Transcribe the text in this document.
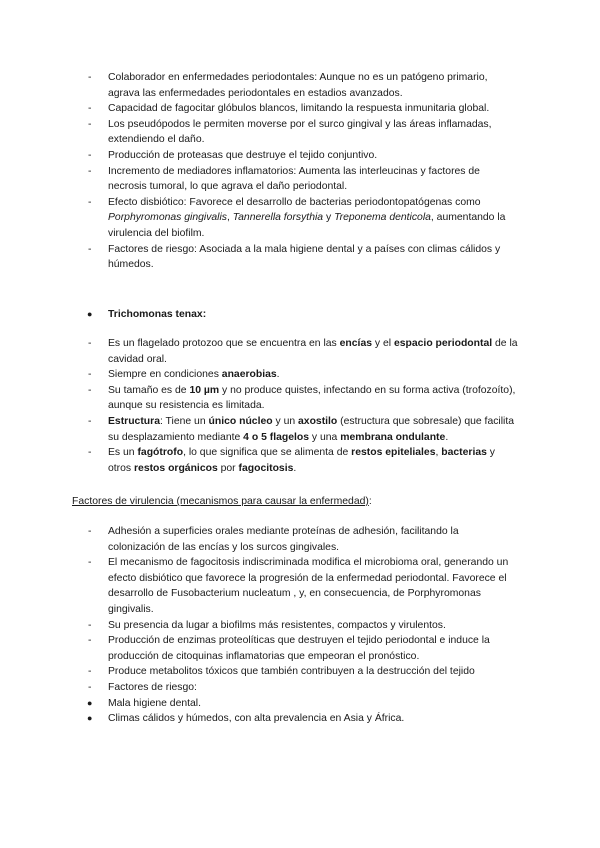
-	Colaborador en enfermedades periodontales: Aunque no es un patógeno primario, agrava las enfermedades periodontales en estadios avanzados.
-	Capacidad de fagocitar glóbulos blancos, limitando la respuesta inmunitaria global.
-	Los pseudópodos le permiten moverse por el surco gingival y las áreas inflamadas, extendiendo el daño.
-	Producción de proteasas que destruye el tejido conjuntivo.
-	Incremento de mediadores inflamatorios: Aumenta las interleucinas y factores de necrosis tumoral, lo que agrava el daño periodontal.
-	Efecto disbiótico: Favorece el desarrollo de bacterias periodontopatógenas como Porphyromonas gingivalis, Tannerella forsythia y Treponema denticola, aumentando la virulencia del biofilm.
-	Factores de riesgo: Asociada a la mala higiene dental y a países con climas cálidos y húmedos.
● Trichomonas tenax:
-	Es un flagelado protozoo que se encuentra en las encías y el espacio periodontal de la cavidad oral.
-	Siempre en condiciones anaerobias.
-	Su tamaño es de 10 µm y no produce quistes, infectando en su forma activa (trofozoíto), aunque su resistencia es limitada.
-	Estructura: Tiene un único núcleo y un axostilo (estructura que sobresale) que facilita su desplazamiento mediante 4 o 5 flagelos y una membrana ondulante.
-	Es un fagótrofo, lo que significa que se alimenta de restos epiteliales, bacterias y otros restos orgánicos por fagocitosis.
Factores de virulencia (mecanismos para causar la enfermedad):
-	Adhesión a superficies orales mediante proteínas de adhesión, facilitando la colonización de las encías y los surcos gingivales.
-	El mecanismo de fagocitosis indiscriminada modifica el microbioma oral, generando un efecto disbiótico que favorece la progresión de la enfermedad periodontal. Favorece el desarrollo de Fusobacterium nucleatum , y, en consecuencia, de Porphyromonas gingivalis.
-	Su presencia da lugar a biofilms más resistentes, compactos y virulentos.
-	Producción de enzimas proteolíticas que destruyen el tejido periodontal e induce la producción de citoquinas inflamatorias que empeoran el pronóstico.
-	Produce metabolitos tóxicos que también contribuyen a la destrucción del tejido
-	Factores de riesgo:
●	Mala higiene dental.
●	Climas cálidos y húmedos, con alta prevalencia en Asia y África.
